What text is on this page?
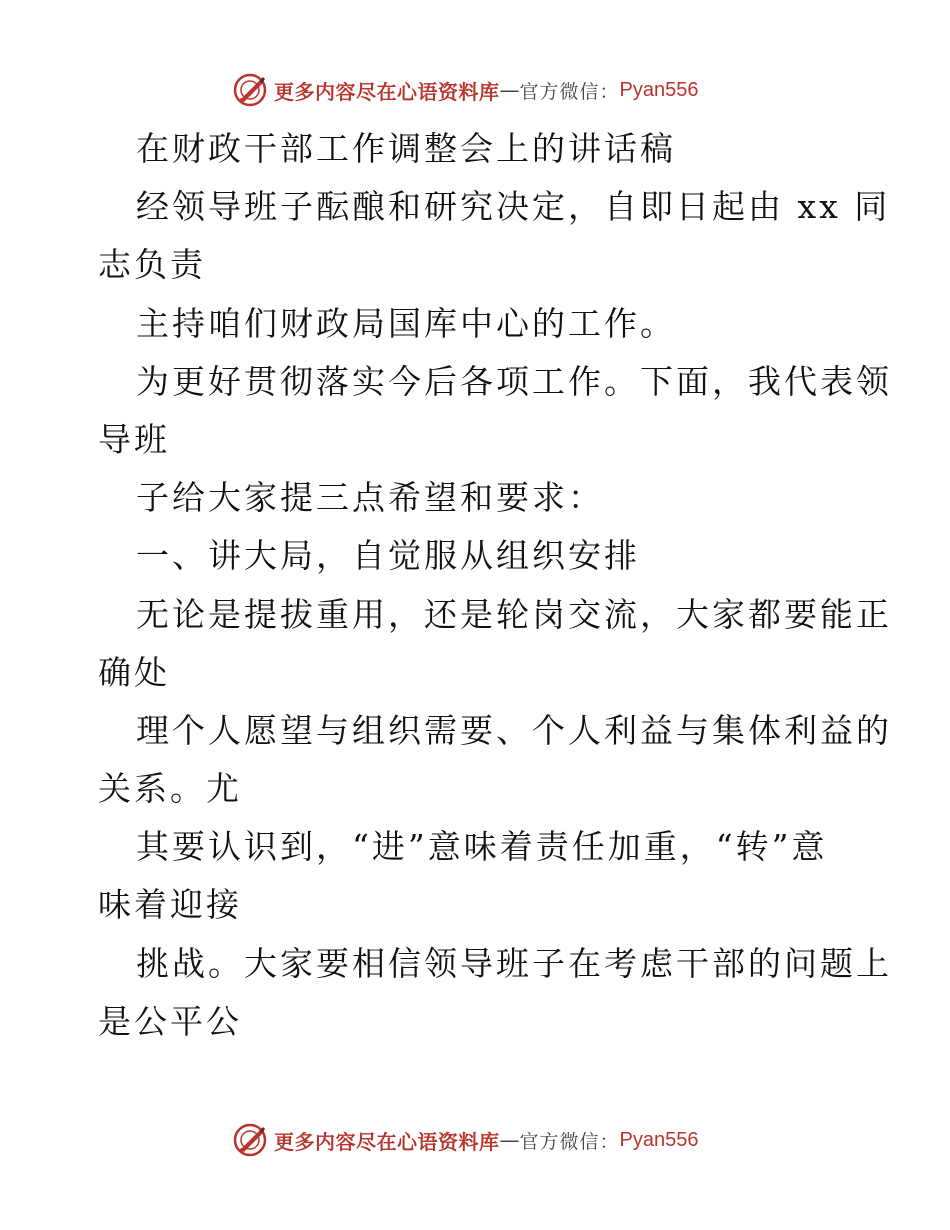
更多内容尽在心语资料库 — 官方微信： Pyan556
在财政干部工作调整会上的讲话稿
经领导班子酝酿和研究决定，自即日起由 xx 同
志负责
主持咱们财政局国库中心的工作。
为更好贯彻落实今后各项工作。下面，我代表领
导班
子给大家提三点希望和要求：
一、讲大局，自觉服从组织安排
无论是提拔重用，还是轮岗交流，大家都要能正
确处
理个人愿望与组织需要、个人利益与集体利益的
关系。尤
其要认识到，“进”意味着责任加重，“转”意
味着迎接
挑战。大家要相信领导班子在考虑干部的问题上
是公平公
更多内容尽在心语资料库 — 官方微信： Pyan556
